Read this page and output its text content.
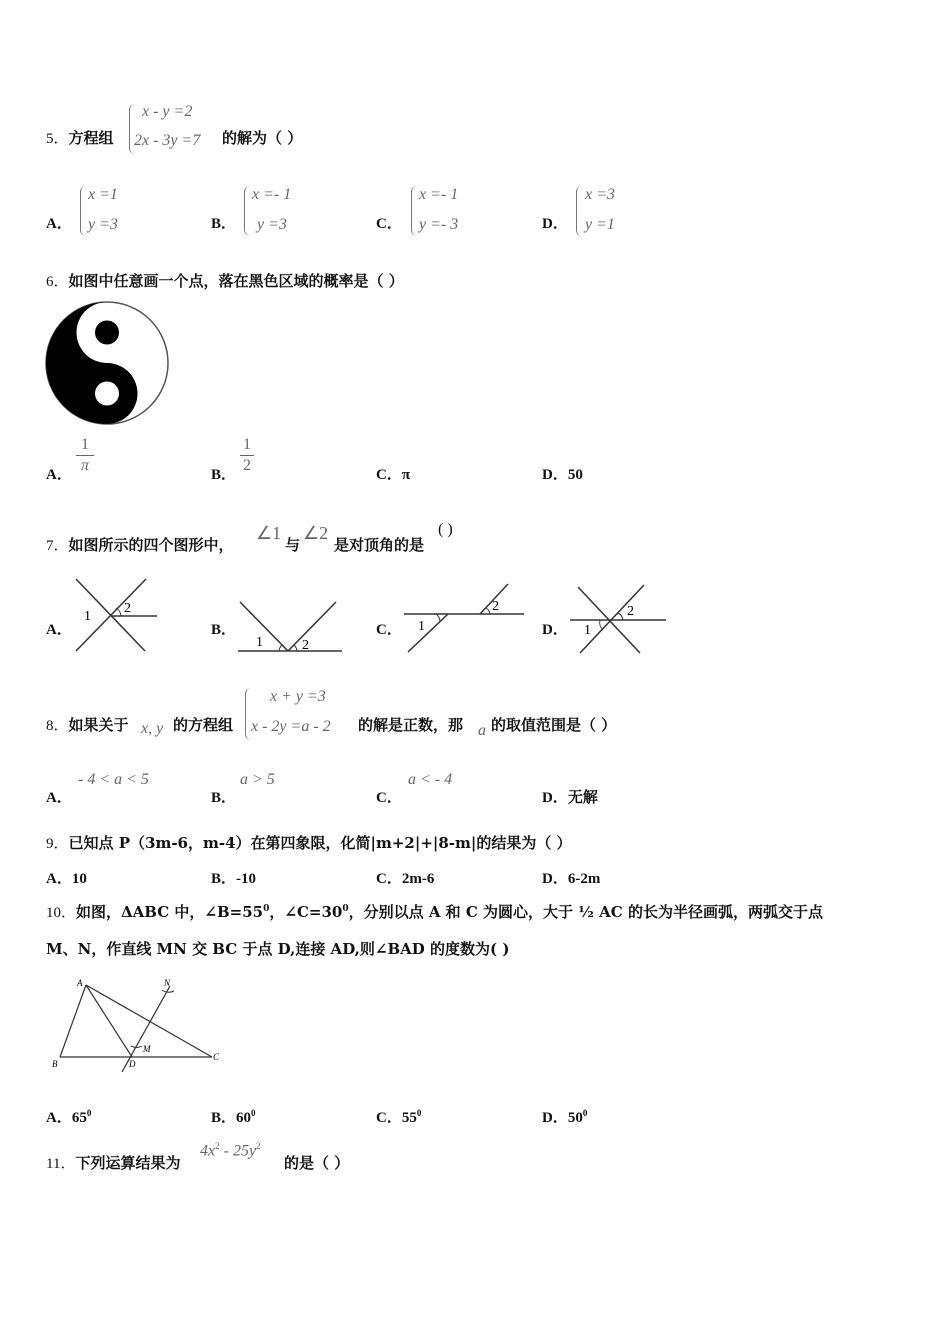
5．方程组
x - y =2
2x - 3y =7 的解为（ ）
A．
x =1
y =3	B．
x =- 1
y =3	C．
x =- 1
y =- 3	D．
x =3
y =1
6．如图中任意画一个点，落在黑色区域的概率是（ ）
A．
1
π
B．
1
2
C．π	D．50
7．如图所示的四个图形中，
∠1
与
∠2
是对顶角的是
( )
A．
1
2
B．
1	2
C． 1
2
D． 1
2
8．如果关于 x, y 的方程组
x + y =3
x - 2y =a - 2 的解是正数，那 a 的取值范围是（ ）
A．
- 4 < a < 5
B．
a > 5
C．
a < - 4
D．无解
9．已知点 P（3m-6，m-4）在第四象限，化简|m+2|+|8-m|的结果为（ ）
A．10	B．-10	C．2m-6	D．6-2m
10．如图，ΔABC 中，$\angle B=55^0$，$\angle C=30^0$，分别以点 A 和 C 为圆心，大于 ½ AC 的长为半径画弧，两弧交于点
M、N，作直线 MN 交 BC 于点 D,连接 AD,则∠BAD 的度数为( )
A	N
M
B	D
C
A．$65^0$	B．$60^0$	C．$55^0$	D．$50^0$
11．下列运算结果为
$4x^2 - 25y^2$
的是（ ）
